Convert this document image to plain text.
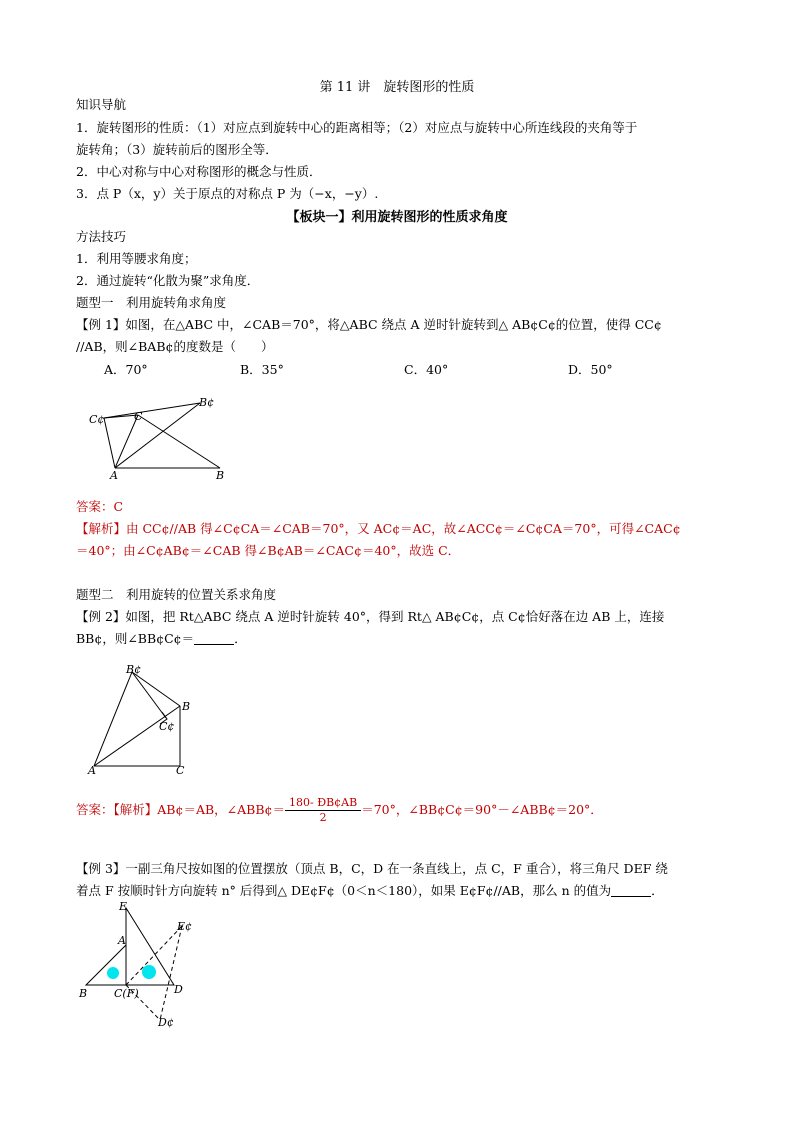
第 11 讲　旋转图形的性质
知识导航
1．旋转图形的性质：（1）对应点到旋转中心的距离相等；（2）对应点与旋转中心所连线段的夹角等于
旋转角；（3）旋转前后的图形全等．
2．中心对称与中心对称图形的概念与性质．
3．点 P（x，y）关于原点的对称点 P 为（−x，−y）.
【板块一】利用旋转图形的性质求角度
方法技巧
1．利用等腰求角度；
2．通过旋转“化散为聚”求角度．
题型一　利用旋转角求角度
【例 1】如图，在△ABC 中，∠CAB＝70°，将△ABC 绕点 A 逆时针旋转到△ AB¢C¢的位置，使得 CC¢
//AB，则∠BAB¢的度数是（　　）
A．70°	B．35°	C．40°	D．50°
C¢	C
B¢
A	B
答案：C
【解析】由 CC¢//AB 得∠C¢CA＝∠CAB＝70°，又 AC¢＝AC，故∠ACC¢＝∠C¢CA＝70°，可得∠CAC¢
＝40°；由∠C¢AB¢＝∠CAB 得∠B¢AB＝∠CAC¢＝40°，故选 C．
题型二　利用旋转的位置关系求角度
【例 2】如图，把 Rt△ABC 绕点 A 逆时针旋转 40°，得到 Rt△ AB¢C¢，点 C¢恰好落在边 AB 上，连接
BB¢，则∠BB¢C¢＝	．
B¢
B
C¢
A	C
答案：【解析】AB¢＝AB，∠ABB¢＝ $\frac{180- ÐB¢AB}{2} =70^\circ$，∠BB¢C¢＝90°－∠ABB¢＝20°．
【例 3】一副三角尺按如图的位置摆放（顶点 B，C，D 在一条直线上，点 C，F 重合），将三角尺 DEF 绕
着点 F 按顺时针方向旋转 n° 后得到△ DE¢F¢（0＜n＜180），如果 E¢F¢//AB，那么 n 的值为	．
E
E¢
A
B C(F)	D
D¢
